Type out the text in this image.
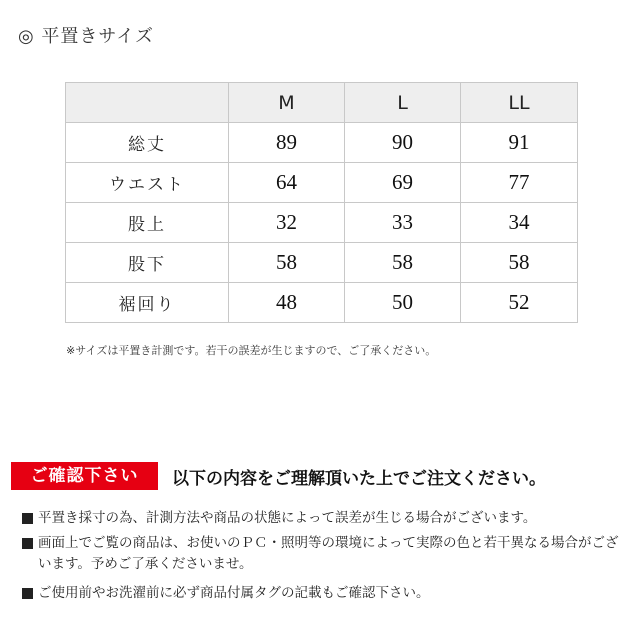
◎ 平置きサイズ
	M	L	LL
総丈	89	90	91
ウエスト	64	69	77
股上	32	33	34
股下	58	58	58
裾回り	48	50	52
※サイズは平置き計測です。若干の誤差が生じますので、ご了承ください。
ご確認下さい	以下の内容をご理解頂いた上でご注文ください。
平置き採寸の為、計測方法や商品の状態によって誤差が生じる場合がございます。
画面上でご覧の商品は、お使いのＰＣ・照明等の環境によって実際の色と若干異なる場合がございます。予めご了承くださいませ。
ご使用前やお洗濯前に必ず商品付属タグの記載もご確認下さい。
